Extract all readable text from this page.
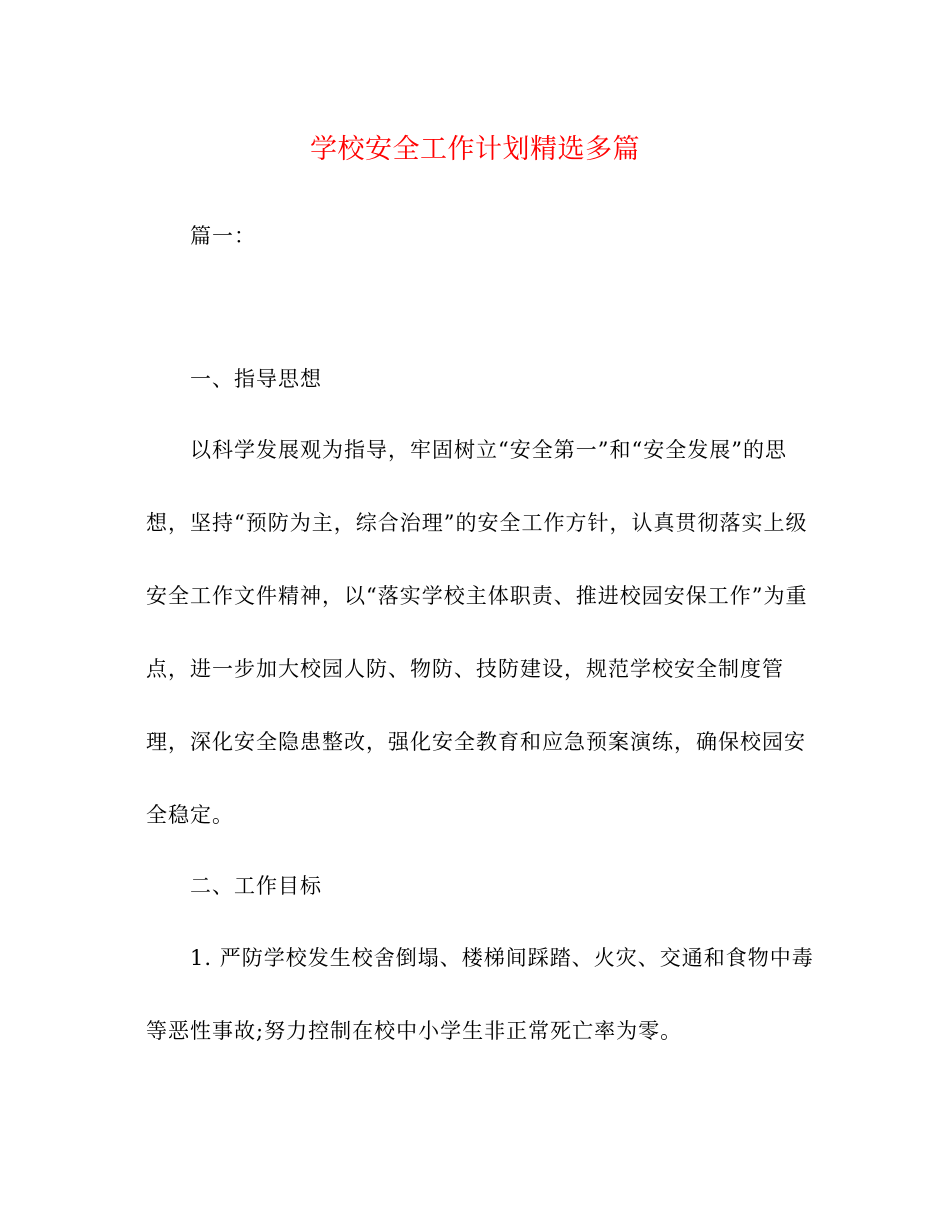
学校安全工作计划精选多篇
篇一：
一、指导思想
以科学发展观为指导，牢固树立“安全第一”和“安全发展”的思
想，坚持“预防为主，综合治理”的安全工作方针，认真贯彻落实上级
安全工作文件精神，以“落实学校主体职责、推进校园安保工作”为重
点，进一步加大校园人防、物防、技防建设，规范学校安全制度管
理，深化安全隐患整改，强化安全教育和应急预案演练，确保校园安
全稳定。
二、工作目标
1. 严防学校发生校舍倒塌、楼梯间踩踏、火灾、交通和食物中毒
等恶性事故;努力控制在校中小学生非正常死亡率为零。
